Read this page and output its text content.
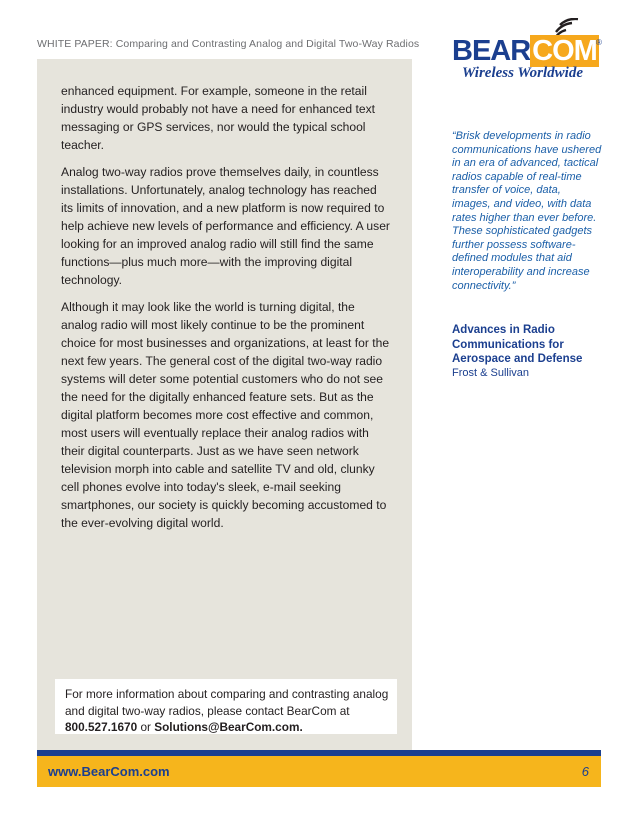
WHITE PAPER: Comparing and Contrasting Analog and Digital Two-Way Radios BEARCOM ®
Wireless Worldwide

enhanced equipment. For example, someone in the retail industry would probably not have a need for enhanced text messaging or GPS services, nor would the typical school teacher.

Analog two-way radios prove themselves daily, in countless installations. Unfortunately, analog technology has reached its limits of innovation, and a new platform is now required to help achieve new levels of performance and efficiency. A user looking for an improved analog radio will still find the same functions—plus much more—with the improving digital technology.

Although it may look like the world is turning digital, the analog radio will most likely continue to be the prominent choice for most businesses and organizations, at least for the next few years. The general cost of the digital two-way radio systems will deter some potential customers who do not see the need for the digitally enhanced feature sets. But as the digital platform becomes more cost effective and common, most users will eventually replace their analog radios with their digital counterparts. Just as we have seen network television morph into cable and satellite TV and old, clunky cell phones evolve into today's sleek, e-mail seeking smartphones, our society is quickly becoming accustomed to the ever-evolving digital world.

“Brisk developments in radio communications have ushered in an era of advanced, tactical radios capable of real-time transfer of voice, data, images, and video, with data rates higher than ever before. These sophisticated gadgets further possess software-defined modules that aid interoperability and increase connectivity.”
Advances in Radio Communications for Aerospace and Defense
Frost & Sullivan
For more information about comparing and contrasting analog and digital two-way radios, please contact BearCom at 800.527.1670 or Solutions@BearCom.com.
www.BearCom.com	6
